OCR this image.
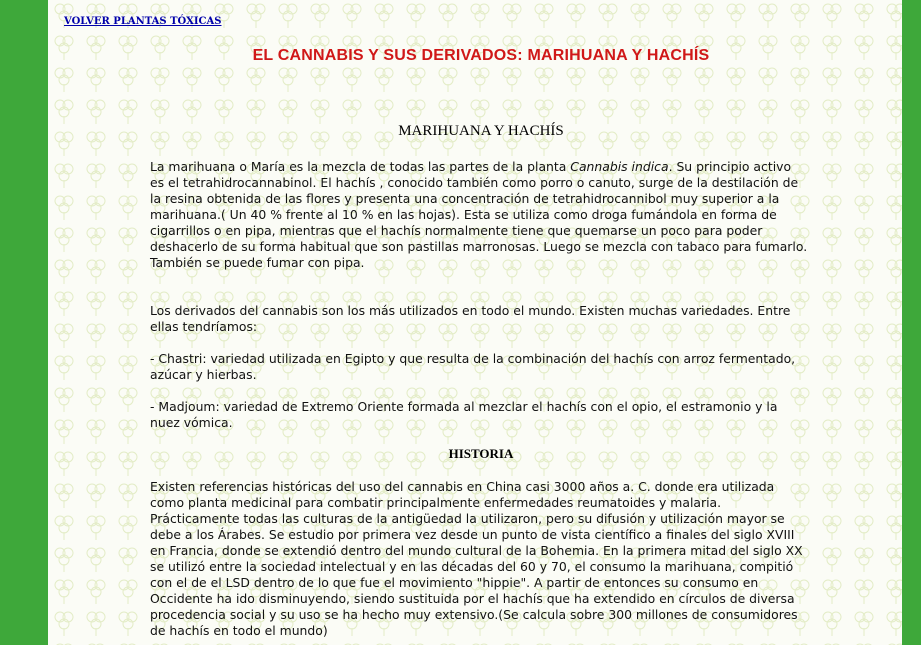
VOLVER PLANTAS TÓXICAS
EL CANNABIS Y SUS DERIVADOS: MARIHUANA Y HACHÍS
MARIHUANA Y HACHÍS

La marihuana o María es la mezcla de todas las partes de la planta Cannabis indica. Su principio activo es el tetrahidrocannabinol. El hachís , conocido también como porro o canuto, surge de la destilación de la resina obtenida de las flores y presenta una concentración de tetrahidrocannibol muy superior a la marihuana.( Un 40 % frente al 10 % en las hojas). Esta se utiliza como droga fumándola en forma de cigarrillos o en pipa, mientras que el hachís normalmente tiene que quemarse un poco para poder deshacerlo de su forma habitual que son pastillas marronosas. Luego se mezcla con tabaco para fumarlo. También se puede fumar con pipa.

Los derivados del cannabis son los más utilizados en todo el mundo. Existen muchas variedades. Entre ellas tendríamos:

- Chastri: variedad utilizada en Egipto y que resulta de la combinación del hachís con arroz fermentado, azúcar y hierbas.

- Madjoum: variedad de Extremo Oriente formada al mezclar el hachís con el opio, el estramonio y la nuez vómica.

HISTORIA

Existen referencias históricas del uso del cannabis en China casi 3000 años a. C. donde era utilizada como planta medicinal para combatir principalmente enfermedades reumatoides y malaria. Prácticamente todas las culturas de la antigüedad la utilizaron, pero su difusión y utilización mayor se debe a los Árabes. Se estudio por primera vez desde un punto de vista científico a finales del siglo XVIII en Francia, donde se extendió dentro del mundo cultural de la Bohemia. En la primera mitad del siglo XX se utilizó entre la sociedad intelectual y en las décadas del 60 y 70, el consumo la marihuana, compitió con el de el LSD dentro de lo que fue el movimiento "hippie". A partir de entonces su consumo en Occidente ha ido disminuyendo, siendo sustituida por el hachís que ha extendido en círculos de diversa procedencia social y su uso se ha hecho muy extensivo.(Se calcula sobre 300 millones de consumidores de hachís en todo el mundo)
